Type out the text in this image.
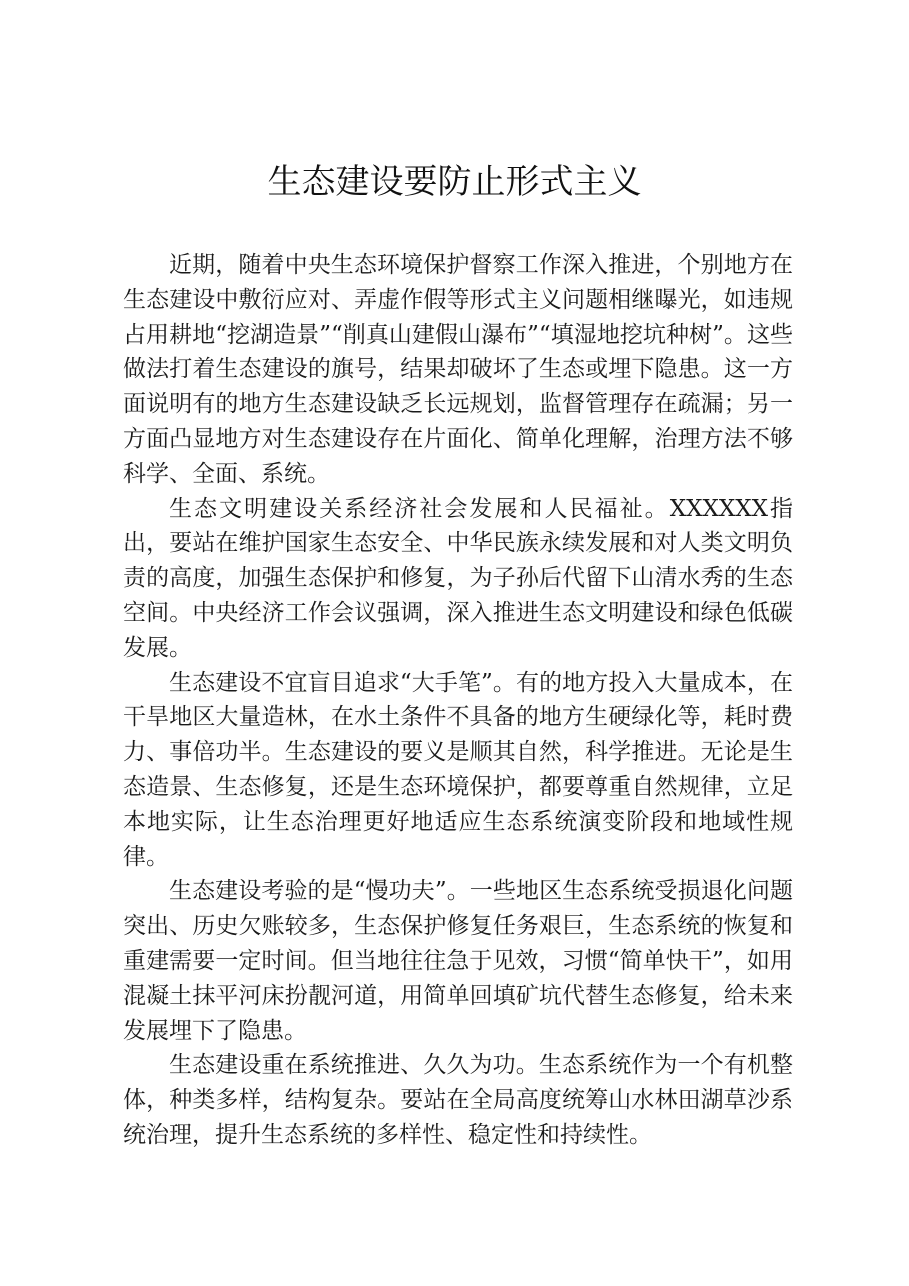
生态建设要防止形式主义

近期，随着中央生态环境保护督察工作深入推进，个别地方在生态建设中敷衍应对、弄虚作假等形式主义问题相继曝光，如违规占用耕地“挖湖造景”“削真山建假山瀑布”“填湿地挖坑种树”。这些做法打着生态建设的旗号，结果却破坏了生态或埋下隐患。这一方面说明有的地方生态建设缺乏长远规划，监督管理存在疏漏；另一方面凸显地方对生态建设存在片面化、简单化理解，治理方法不够科学、全面、系统。

生态文明建设关系经济社会发展和人民福祉。XXXXXX指出，要站在维护国家生态安全、中华民族永续发展和对人类文明负责的高度，加强生态保护和修复，为子孙后代留下山清水秀的生态空间。中央经济工作会议强调，深入推进生态文明建设和绿色低碳发展。

生态建设不宜盲目追求“大手笔”。有的地方投入大量成本，在干旱地区大量造林，在水土条件不具备的地方生硬绿化等，耗时费力、事倍功半。生态建设的要义是顺其自然，科学推进。无论是生态造景、生态修复，还是生态环境保护，都要尊重自然规律，立足本地实际，让生态治理更好地适应生态系统演变阶段和地域性规律。

生态建设考验的是“慢功夫”。一些地区生态系统受损退化问题突出、历史欠账较多，生态保护修复任务艰巨，生态系统的恢复和重建需要一定时间。但当地往往急于见效，习惯“简单快干”，如用混凝土抹平河床扮靓河道，用简单回填矿坑代替生态修复，给未来发展埋下了隐患。

生态建设重在系统推进、久久为功。生态系统作为一个有机整体，种类多样，结构复杂。要站在全局高度统筹山水林田湖草沙系统治理，提升生态系统的多样性、稳定性和持续性。
